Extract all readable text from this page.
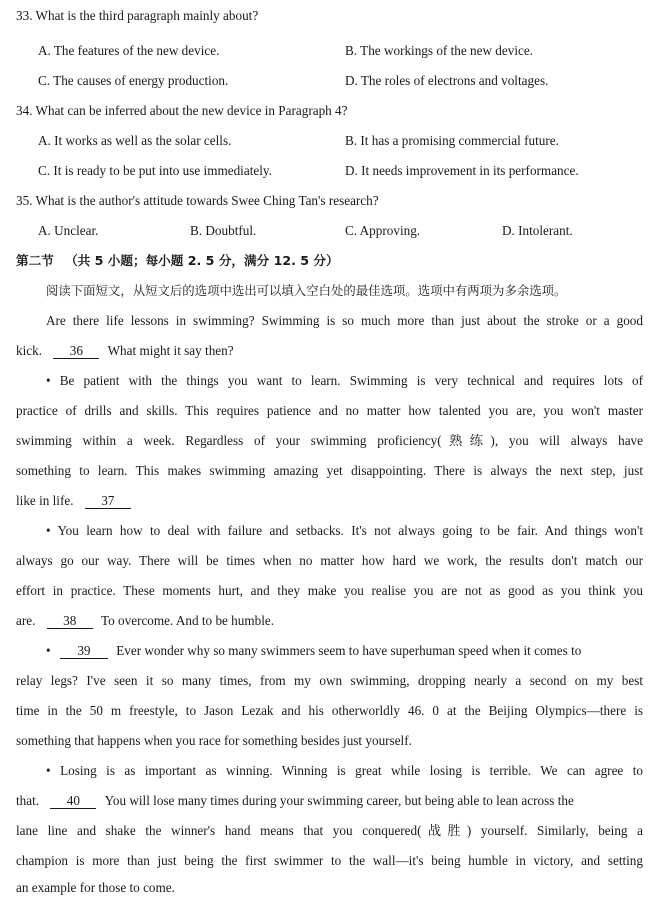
33. What is the third paragraph mainly about?
A. The features of the new device.	B. The workings of the new device.
C. The causes of energy production.	D. The roles of electrons and voltages.
34. What can be inferred about the new device in Paragraph 4?
A. It works as well as the solar cells.	B. It has a promising commercial future.
C. It is ready to be put into use immediately.	D. It needs improvement in its performance.
35. What is the author's attitude towards Swee Ching Tan's research?
A. Unclear.	B. Doubtful.	C. Approving.	D. Intolerant.
第二节 （共 5 小题；每小题 2. 5 分，满分 12. 5 分）
阅读下面短文，从短文后的选项中选出可以填入空白处的最佳选项。选项中有两项为多余选项。
Are there life lessons in swimming? Swimming is so much more than just about the stroke or a good
kick. 36 What might it say then?
• Be patient with the things you want to learn. Swimming is very technical and requires lots of
practice of drills and skills. This requires patience and no matter how talented you are, you won't master
swimming within a week. Regardless of your swimming proficiency(熟练), you will always have
something to learn. This makes swimming amazing yet disappointing. There is always the next step, just
like in life. 37
• You learn how to deal with failure and setbacks. It's not always going to be fair. And things won't
always go our way. There will be times when no matter how hard we work, the results don't match our
effort in practice. These moments hurt, and they make you realise you are not as good as you think you
are. 38 To overcome. And to be humble.
• 39 Ever wonder why so many swimmers seem to have superhuman speed when it comes to
relay legs? I've seen it so many times, from my own swimming, dropping nearly a second on my best
time in the 50 m freestyle, to Jason Lezak and his otherworldly 46. 0 at the Beijing Olympics—there is
something that happens when you race for something besides just yourself.
• Losing is as important as winning. Winning is great while losing is terrible. We can agree to
that. 40 You will lose many times during your swimming career, but being able to lean across the
lane line and shake the winner's hand means that you conquered(战胜) yourself. Similarly, being a
champion is more than just being the first swimmer to the wall—it's being humble in victory, and setting
an example for those to come.
